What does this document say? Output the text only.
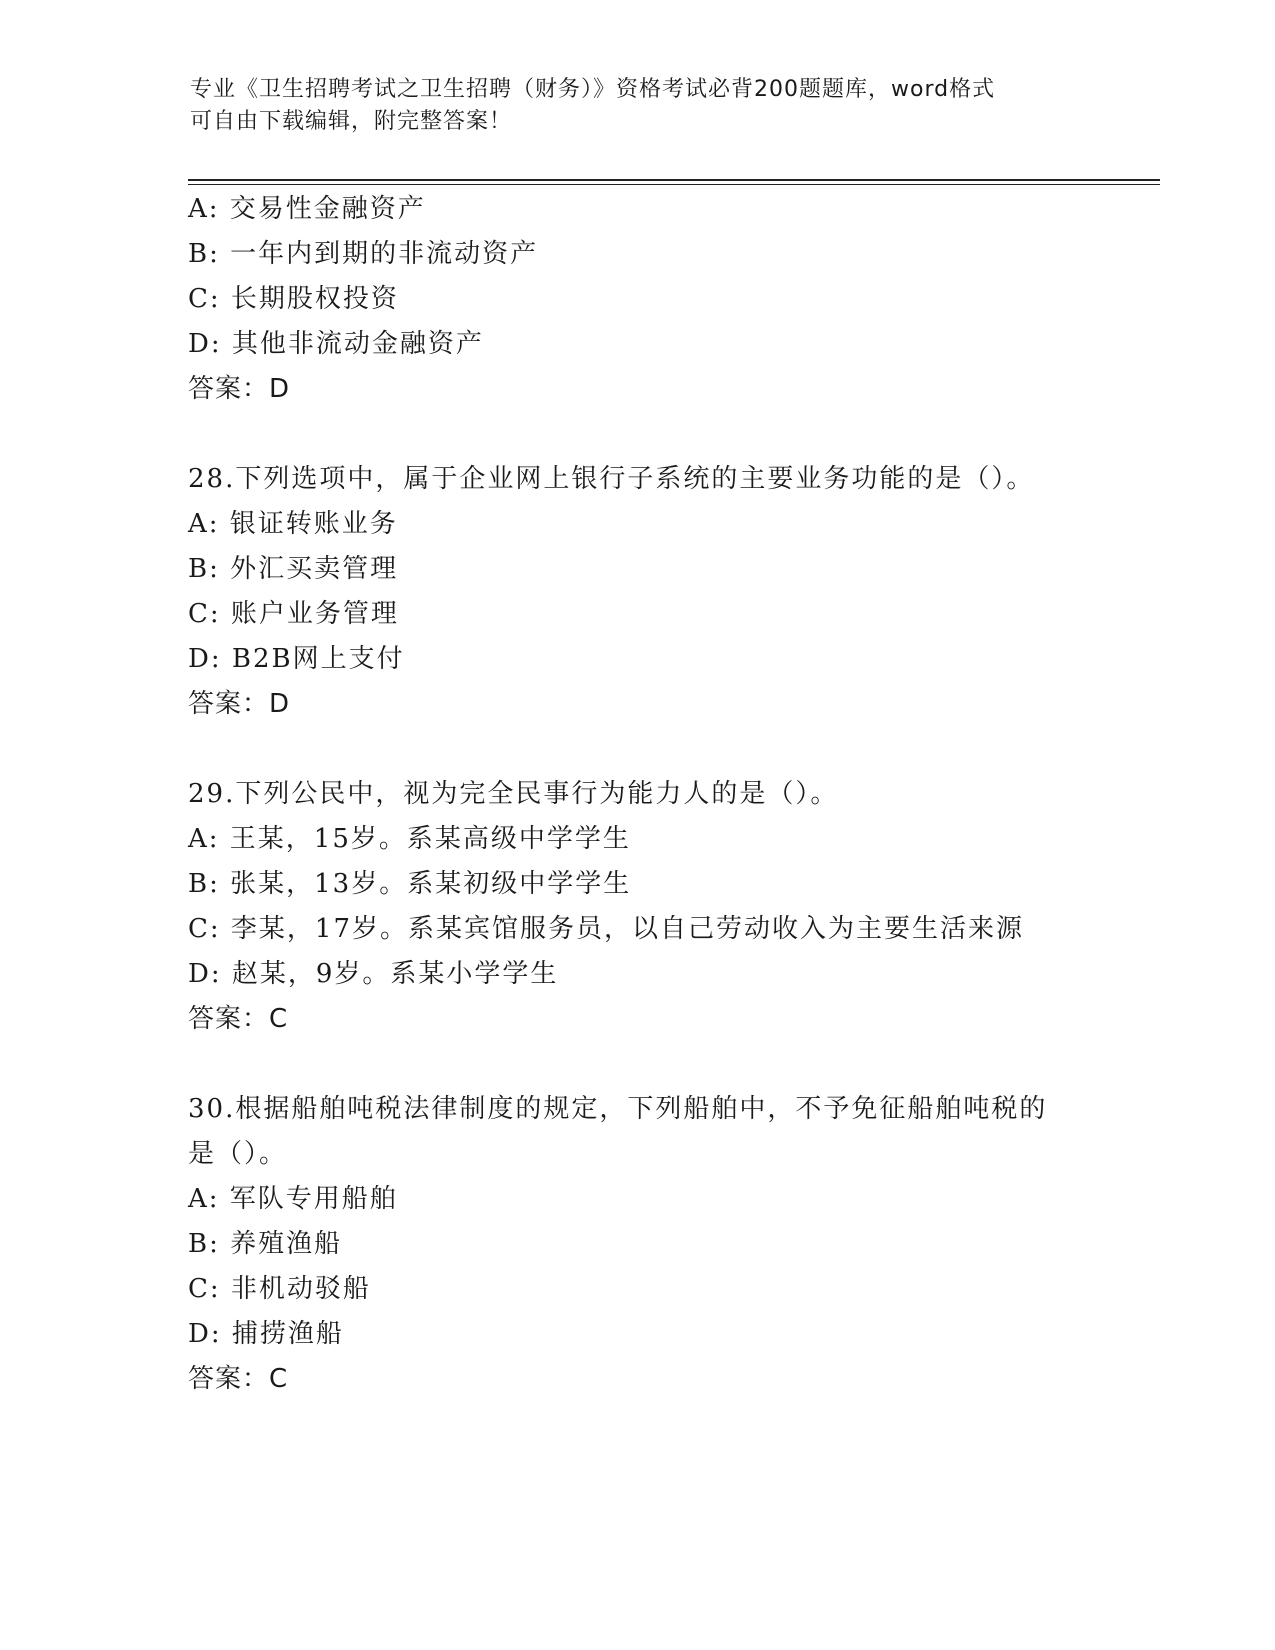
专业《卫生招聘考试之卫生招聘（财务）》资格考试必背200题题库，word格式
可自由下载编辑，附完整答案！
A: 交易性金融资产
B: 一年内到期的非流动资产
C: 长期股权投资
D: 其他非流动金融资产
答案：D
28.下列选项中，属于企业网上银行子系统的主要业务功能的是（）。
A: 银证转账业务
B: 外汇买卖管理
C: 账户业务管理
D: B2B网上支付
答案：D
29.下列公民中，视为完全民事行为能力人的是（）。
A: 王某，15岁。系某高级中学学生
B: 张某，13岁。系某初级中学学生
C: 李某，17岁。系某宾馆服务员，以自己劳动收入为主要生活来源
D: 赵某，9岁。系某小学学生
答案：C
30.根据船舶吨税法律制度的规定，下列船舶中，不予免征船舶吨税的
是（）。
A: 军队专用船舶
B: 养殖渔船
C: 非机动驳船
D: 捕捞渔船
答案：C
